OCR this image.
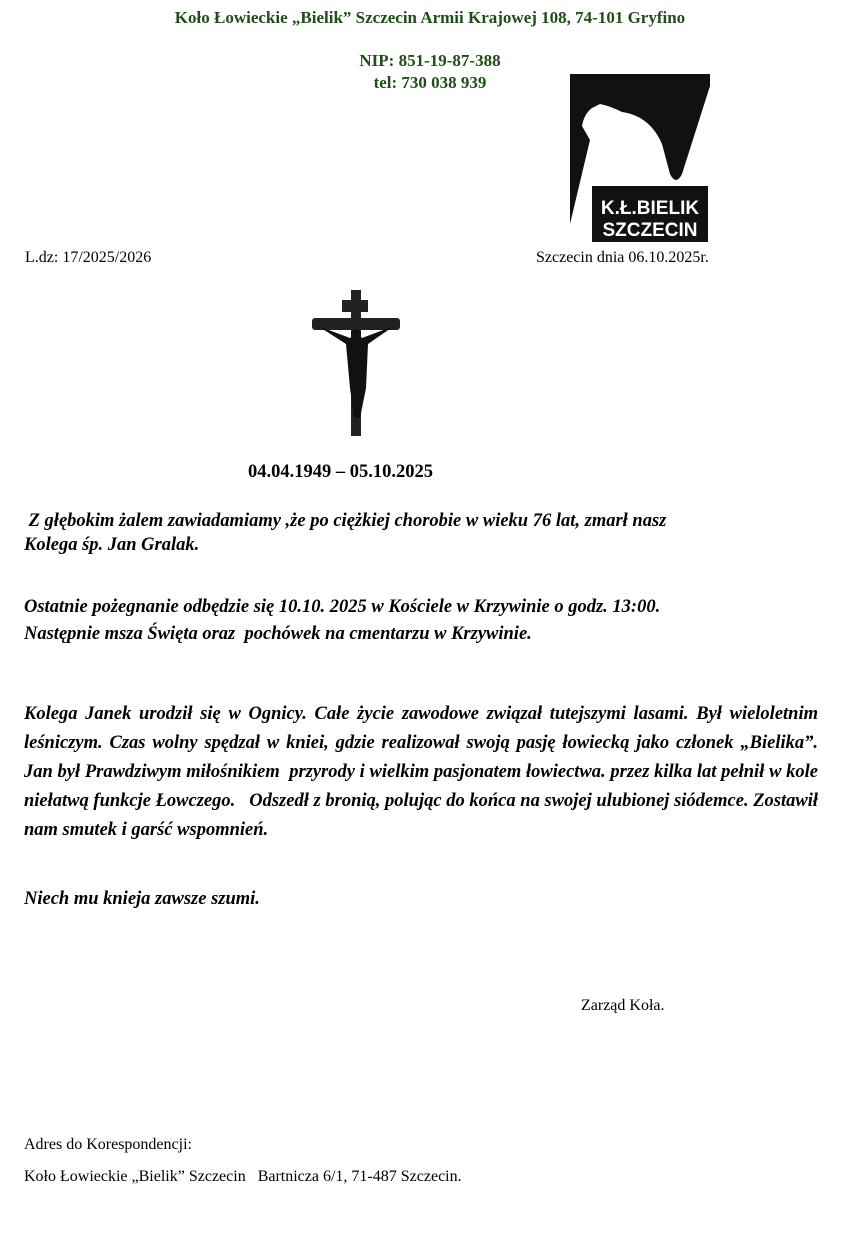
Koło Łowieckie „Bielik” Szczecin Armii Krajowej 108, 74-101 Gryfino
NIP: 851-19-87-388
tel: 730 038 939
K.Ł.BIELIK
SZCZECIN
L.dz: 17/2025/2026	Szczecin dnia 06.10.2025r.
04.04.1949 – 05.10.2025
Z głębokim żalem zawiadamiamy ,że po ciężkiej chorobie w wieku 76 lat, zmarł nasz
Kolega śp. Jan Gralak.
Ostatnie pożegnanie odbędzie się 10.10. 2025 w Kościele w Krzywinie o godz. 13:00.
Następnie msza Święta oraz  pochówek na cmentarzu w Krzywinie.
Kolega Janek urodził się w Ognicy. Całe życie zawodowe związał tutejszymi lasami. Był wieloletnim leśniczym. Czas wolny spędzał w kniei, gdzie realizował swoją pasję łowiecką jako członek „Bielika”. Jan był Prawdziwym miłośnikiem  przyrody i wielkim pasjonatem łowiectwa. przez kilka lat pełnił w kole niełatwą funkcje Łowczego.   Odszedł z bronią, polując do końca na swojej ulubionej siódemce. Zostawił  nam smutek i garść wspomnień.
Niech mu knieja zawsze szumi.
Zarząd Koła.
Adres do Korespondencji:
Koło Łowieckie „Bielik” Szczecin   Bartnicza 6/1, 71-487 Szczecin.
